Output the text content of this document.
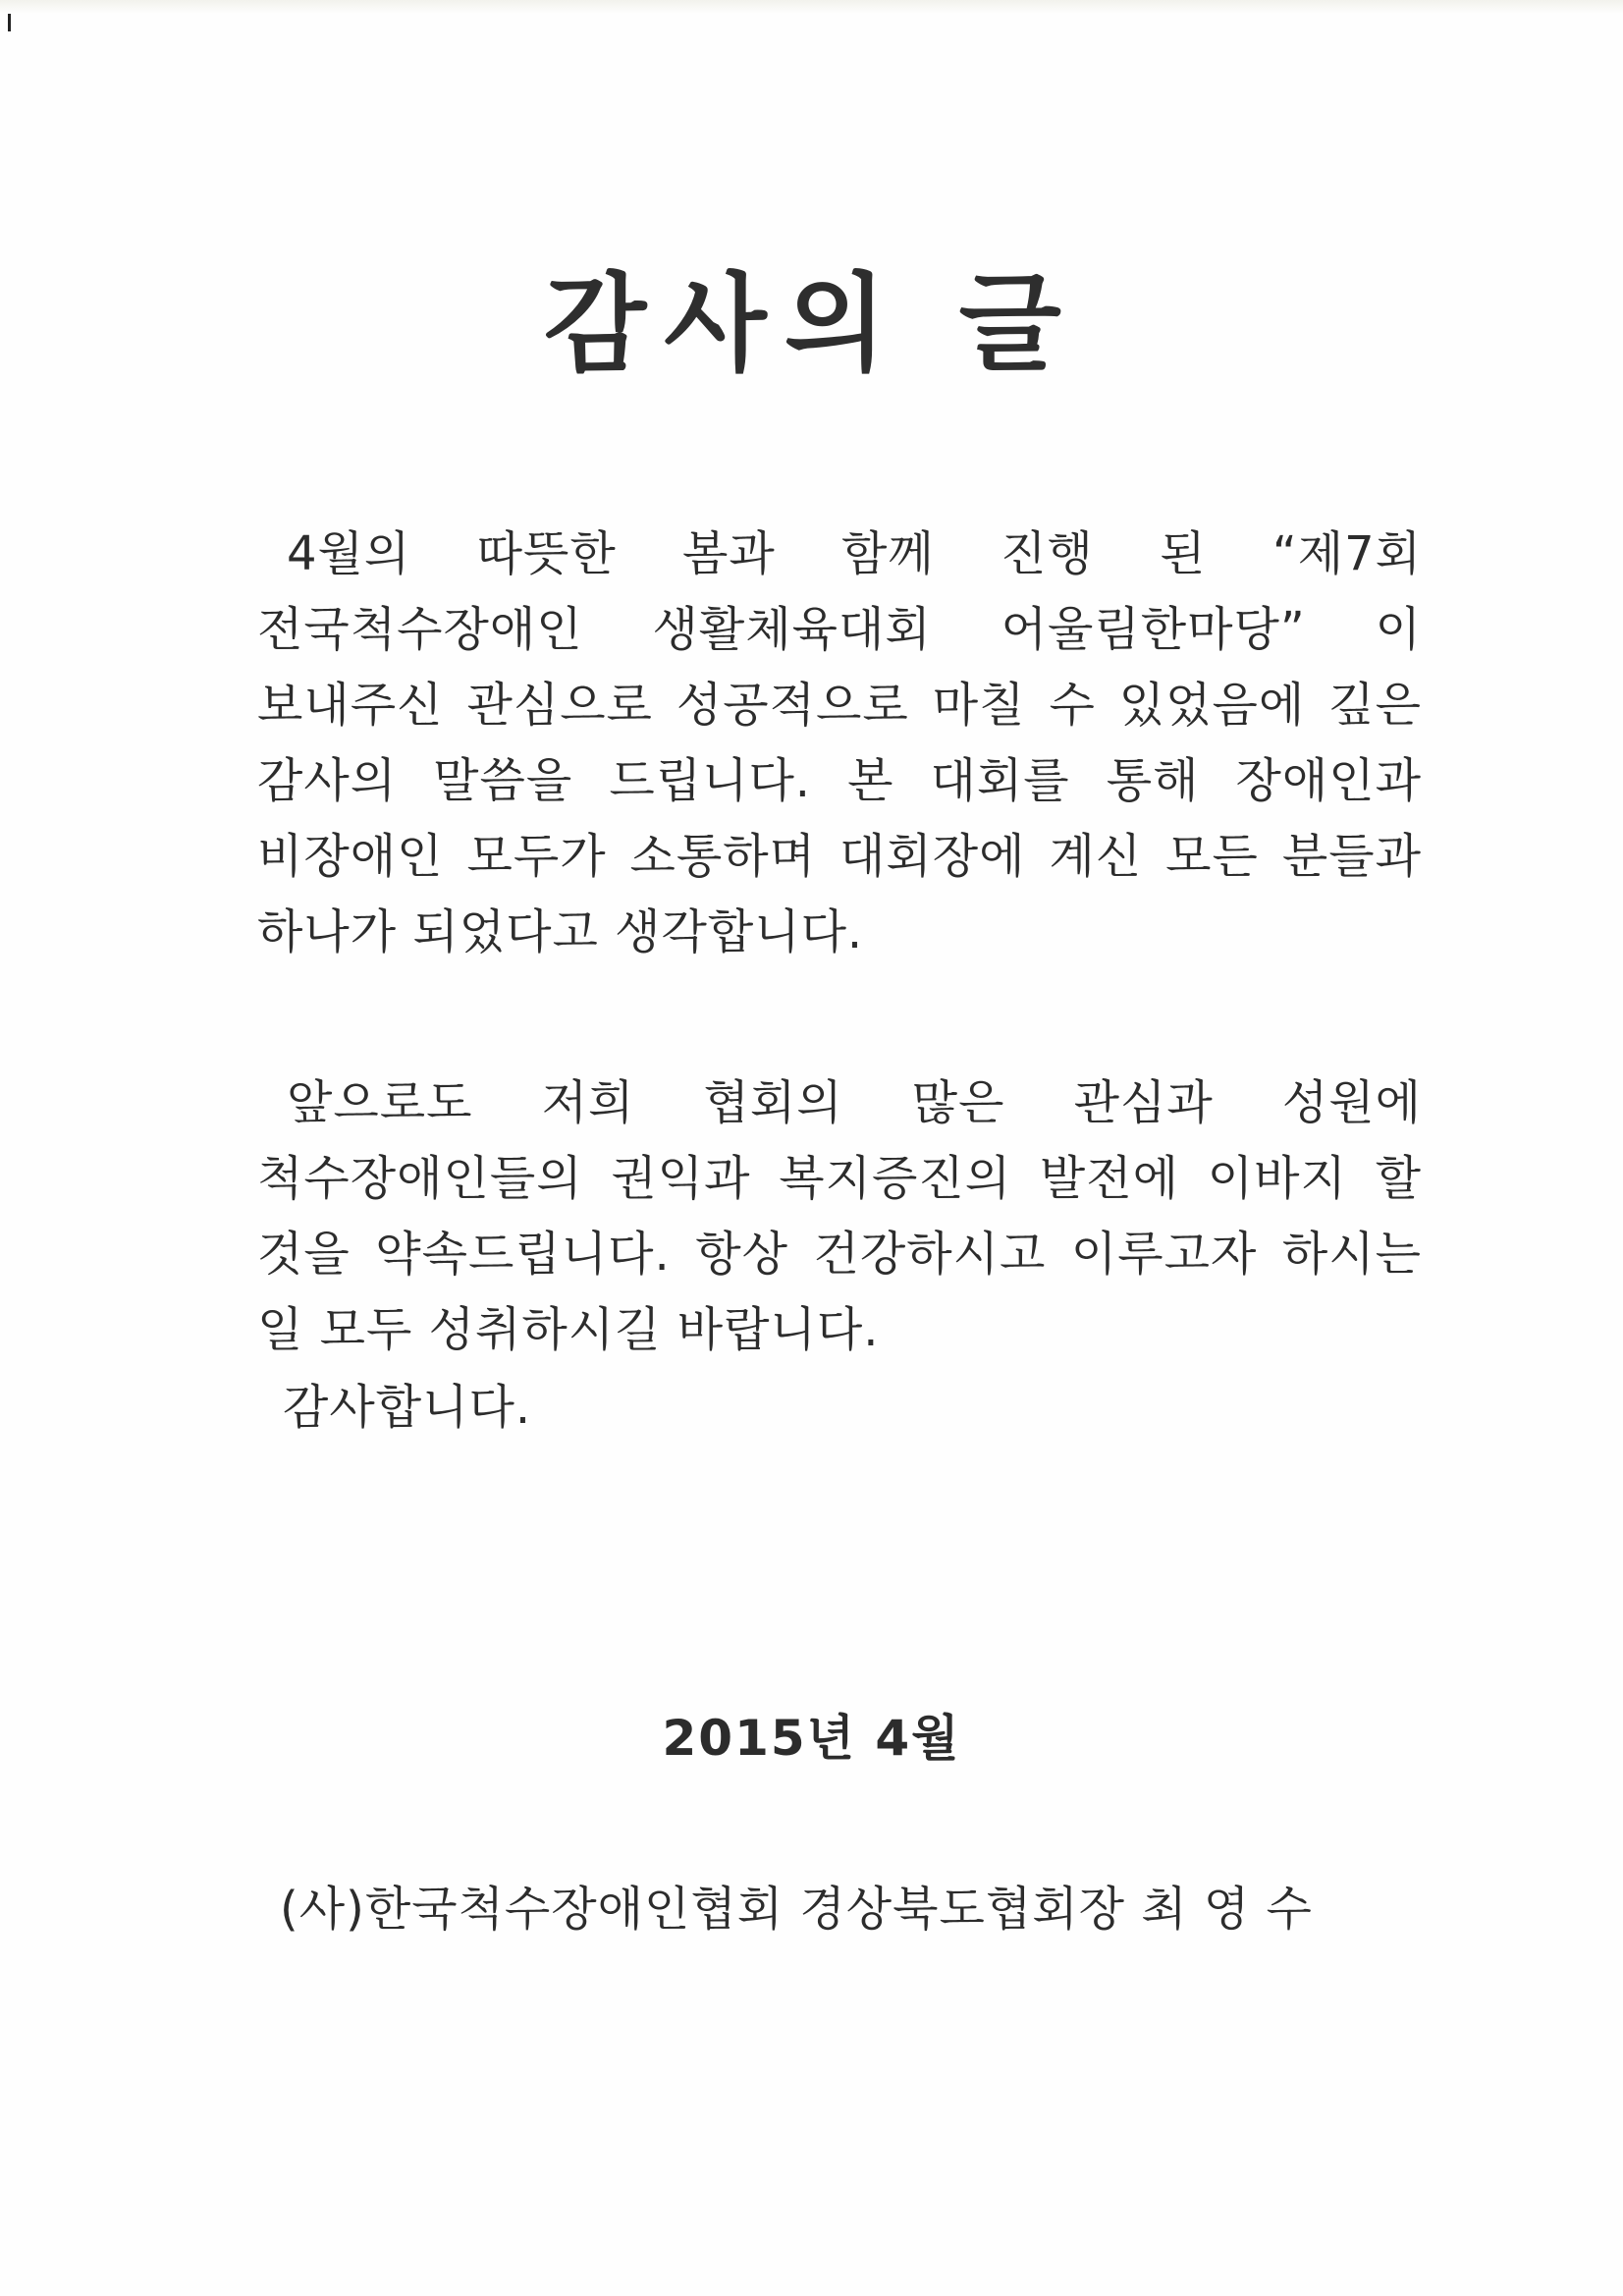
감사의 글

4월의 따뜻한 봄과 함께 진행 된 “제7회 전국척수장애인 생활체육대회 어울림한마당” 이 보내주신 관심으로 성공적으로 마칠 수 있었음에 깊은 감사의 말씀을 드립니다. 본 대회를 통해 장애인과 비장애인 모두가 소통하며 대회장에 계신 모든 분들과 하나가 되었다고 생각합니다.

앞으로도 저희 협회의 많은 관심과 성원에 척수장애인들의 권익과 복지증진의 발전에 이바지 할 것을 약속드립니다. 항상 건강하시고 이루고자 하시는 일 모두 성취하시길 바랍니다.

감사합니다.
2015년 4월
(사)한국척수장애인협회 경상북도협회장 최 영 수
